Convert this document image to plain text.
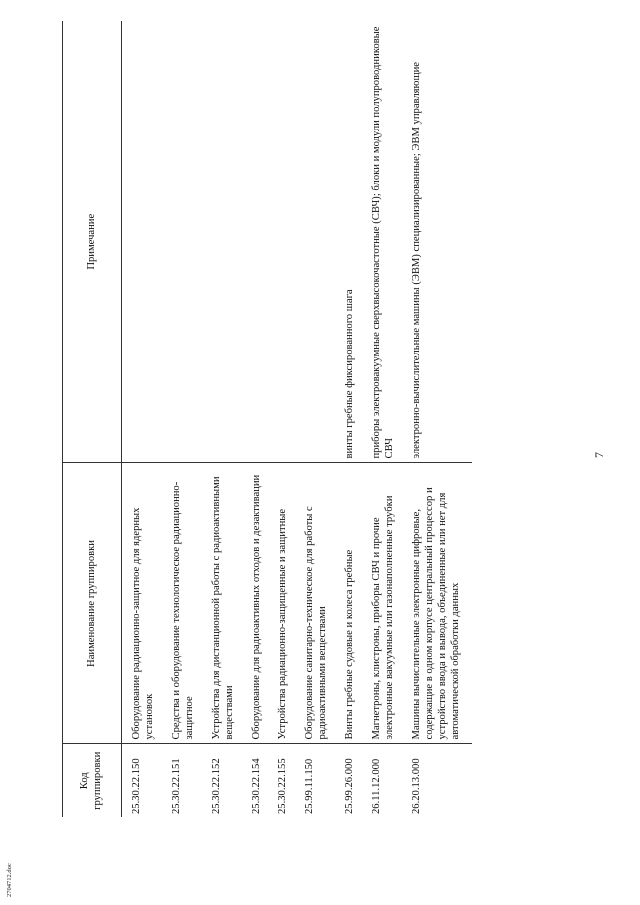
7
Код группировки	Наименование группировки	Примечание
25.30.22.150	Оборудование радиационно-защитное для ядерных установок	
25.30.22.151	Средства и оборудование технологическое радиационно-защитное	
25.30.22.152	Устройства для дистанционной работы с радиоактивными веществами	
25.30.22.154	Оборудование для радиоактивных отходов и дезактивации	
25.30.22.155	Устройства радиационно-защищенные и защитные	
25.99.11.150	Оборудование санитарно-техническое для работы с радиоактивными веществами	
25.99.26.000	Винты гребные судовые и колеса гребные	винты гребные фиксированного шага
26.11.12.000	Магнетроны, клистроны, приборы СВЧ и прочие электронные вакуумные или газонаполненные трубки	приборы электровакуумные сверхвысокочастотные (СВЧ); блоки и модули полупроводниковые СВЧ
26.20.13.000	Машины вычислительные электронные цифровые, содержащие в одном корпусе центральный процессор и устройство ввода и вывода, объединенные или нет для автоматической обработки данных	электронно-вычислительные машины (ЭВМ) специализированные; ЭВМ управляющие
2704712.doc
